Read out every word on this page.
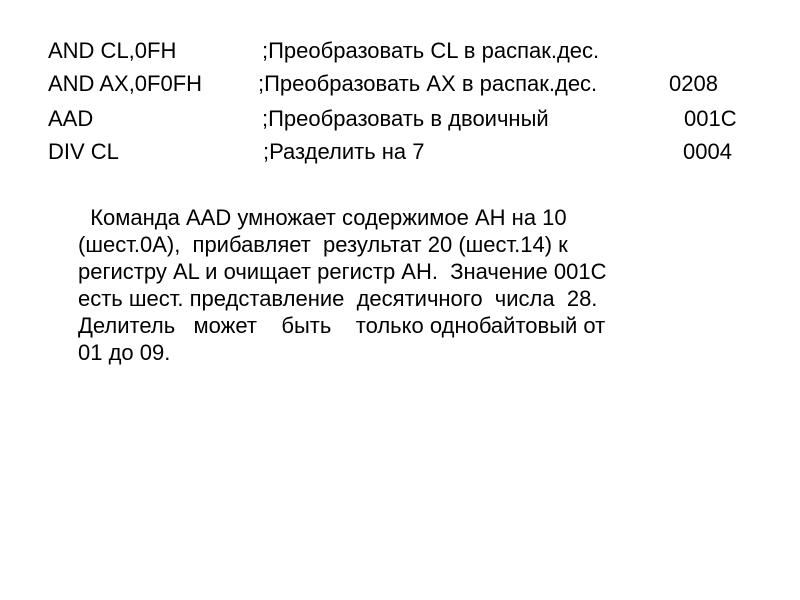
AND CL,0FH	;Преобразовать CL в распак.дес.
AND AX,0F0FH	;Преобразовать AX в распак.дес.	0208
AAD	;Преобразовать в двоичный	001C
DIV CL	;Разделить на 7	0004
Команда AAD умножает содержимое AH на 10
(шест.0A),  прибавляет  результат 20 (шест.14) к
регистру AL и очищает регистр AH.  Значение 001C
есть шест. представление  десятичного  числа  28.
Делитель   может    быть    только однобайтовый от
01 до 09.
